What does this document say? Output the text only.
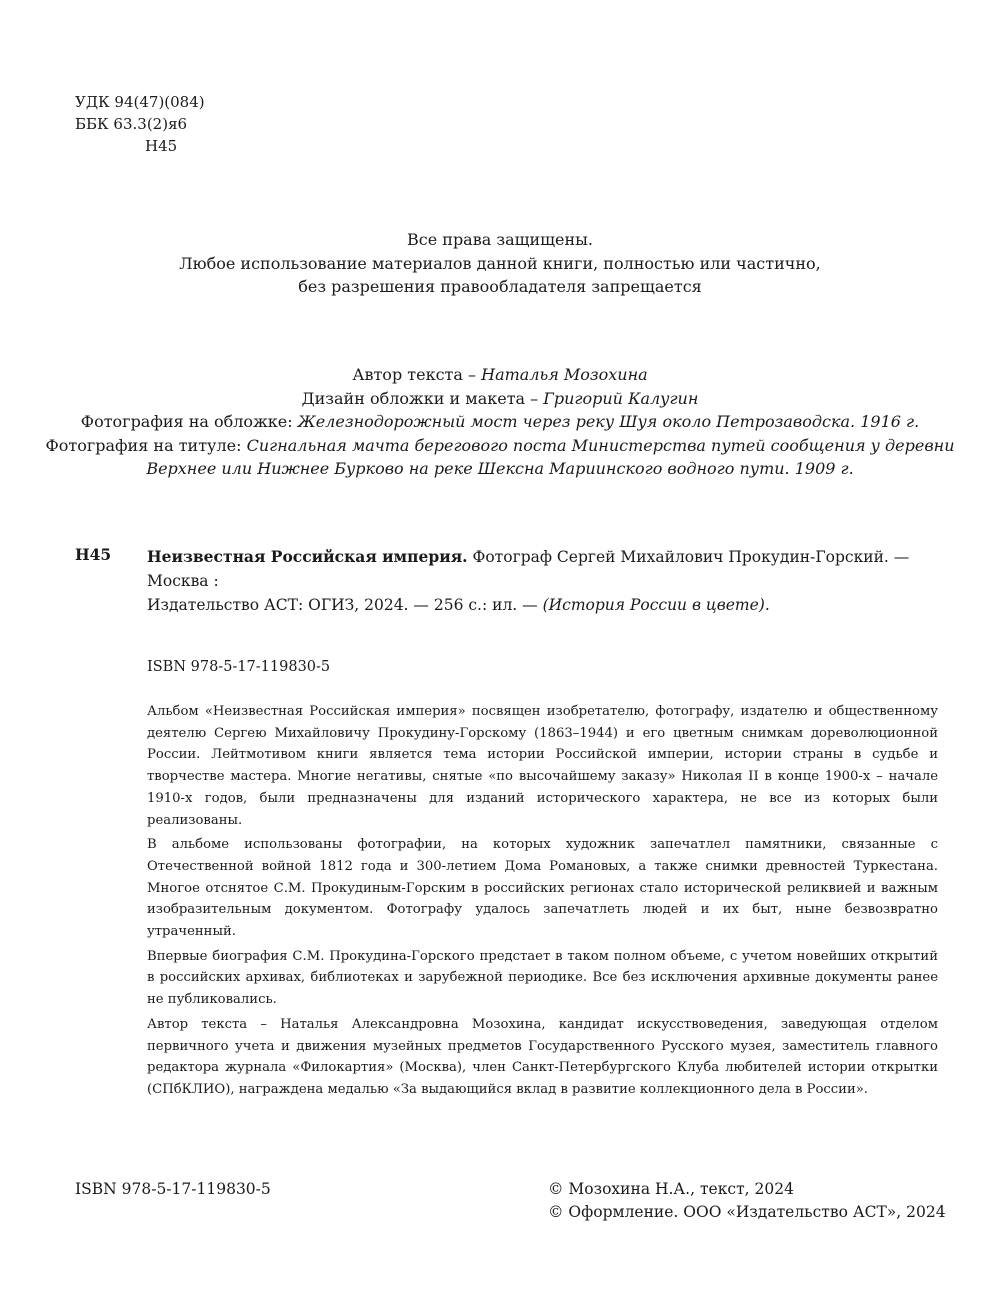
УДК 94(47)(084)
ББК 63.3(2)я6
Н45
Все права защищены.
Любое использование материалов данной книги, полностью или частично,
без разрешения правообладателя запрещается
Автор текста – Наталья Мозохина
Дизайн обложки и макета – Григорий Калугин
Фотография на обложке: Железнодорожный мост через реку Шуя около Петрозаводска. 1916 г.
Фотография на титуле: Сигнальная мачта берегового поста Министерства путей сообщения у деревни
Верхнее или Нижнее Бурково на реке Шексна Мариинского водного пути. 1909 г.
Н45 Неизвестная Российская империя. Фотограф Сергей Михайлович Прокудин-Горский. — Москва :
Издательство АСТ: ОГИЗ, 2024. — 256 с.: ил. — (История России в цвете).
ISBN 978-5-17-119830-5

Альбом «Неизвестная Российская империя» посвящен изобретателю, фотографу, издателю и общественному деятелю Сергею Михайловичу Прокудину-Горскому (1863–1944) и его цветным снимкам дореволюционной России. Лейтмотивом книги является тема истории Российской империи, истории страны в судьбе и творчестве мастера. Многие негативы, снятые «по высочайшему заказу» Николая II в конце 1900-х – начале 1910-х годов, были предназначены для изданий исторического характера, не все из которых были реализованы.

В альбоме использованы фотографии, на которых художник запечатлел памятники, связанные с Отечественной войной 1812 года и 300-летием Дома Романовых, а также снимки древностей Туркестана. Многое отснятое С.М. Прокудиным-Горским в российских регионах стало исторической реликвией и важным изобразительным документом. Фотографу удалось запечатлеть людей и их быт, ныне безвозвратно утраченный.

Впервые биография С.М. Прокудина-Горского предстает в таком полном объеме, с учетом новейших открытий в российских архивах, библиотеках и зарубежной периодике. Все без исключения архивные документы ранее не публиковались.

Автор текста – Наталья Александровна Мозохина, кандидат искусствоведения, заведующая отделом первичного учета и движения музейных предметов Государственного Русского музея, заместитель главного редактора журнала «Филокартия» (Москва), член Санкт-Петербургского Клуба любителей истории открытки (СПбКЛИО), награждена медалью «За выдающийся вклад в развитие коллекционного дела в России».

ISBN 978-5-17-119830-5	© Мозохина Н.А., текст, 2024
© Оформление. ООО «Издательство АСТ», 2024
